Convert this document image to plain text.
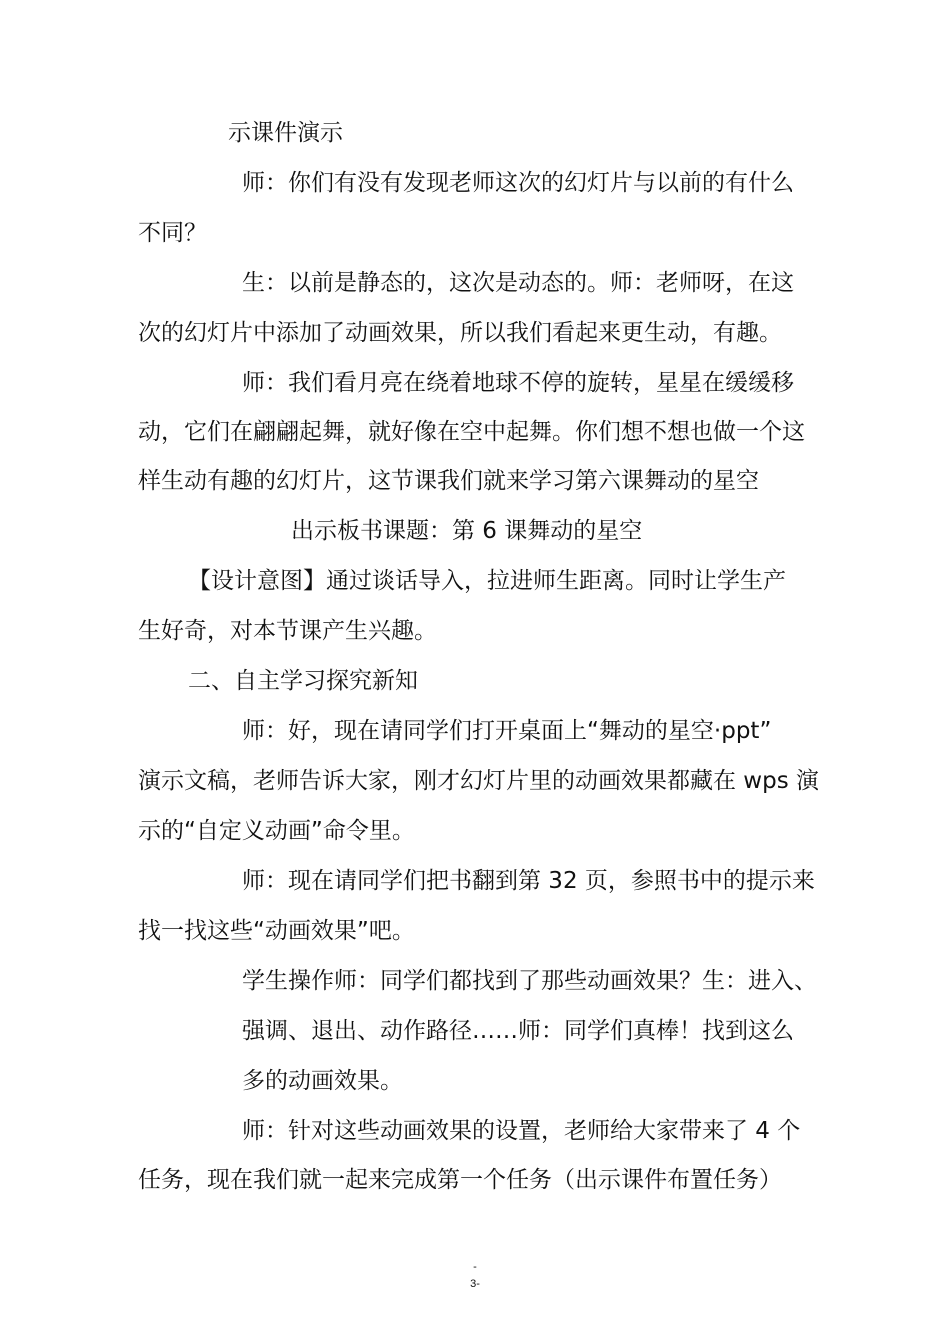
示课件演示
师：你们有没有发现老师这次的幻灯片与以前的有什么
不同？
生：以前是静态的，这次是动态的。师：老师呀，在这
次的幻灯片中添加了动画效果，所以我们看起来更生动，有趣。
师：我们看月亮在绕着地球不停的旋转，星星在缓缓移
动，它们在翩翩起舞，就好像在空中起舞。你们想不想也做一个这
样生动有趣的幻灯片，这节课我们就来学习第六课舞动的星空
出示板书课题：第 6 课舞动的星空
【设计意图】通过谈话导入，拉进师生距离。同时让学生产
生好奇，对本节课产生兴趣。
二、自主学习探究新知
师：好，现在请同学们打开桌面上“舞动的星空·ppt”
演示文稿，老师告诉大家，刚才幻灯片里的动画效果都藏在 wps 演
示的“自定义动画”命令里。
师：现在请同学们把书翻到第 32 页，参照书中的提示来
找一找这些“动画效果”吧。
学生操作师：同学们都找到了那些动画效果？生：进入、
强调、退出、动作路径……师：同学们真棒！找到这么
多的动画效果。
师：针对这些动画效果的设置，老师给大家带来了 4 个
任务，现在我们就一起来完成第一个任务（出示课件布置任务）
-
3-
